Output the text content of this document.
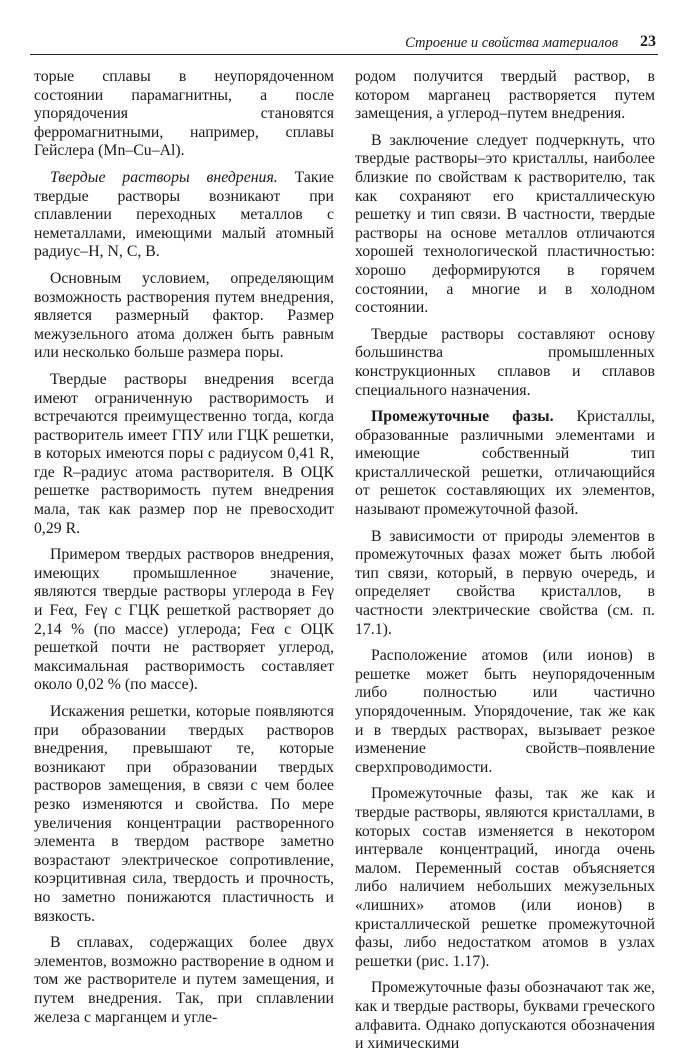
Строение и свойства материалов 23

торые сплавы в неупорядоченном состоянии парамагнитны, а после упорядочения становятся ферромагнитными, например, сплавы Гейслера (Mn–Cu–Al).

Твердые растворы внедрения. Такие твердые растворы возникают при сплавлении переходных металлов с неметаллами, имеющими малый атомный радиус–H, N, C, B.

Основным условием, определяющим возможность растворения путем внедрения, является размерный фактор. Размер межузельного атома должен быть равным или несколько больше размера поры.

Твердые растворы внедрения всегда имеют ограниченную растворимость и встречаются преимущественно тогда, когда растворитель имеет ГПУ или ГЦК решетки, в которых имеются поры с радиусом 0,41 R, где R–радиус атома растворителя. В ОЦК решетке растворимость путем внедрения мала, так как размер пор не превосходит 0,29 R.

Примером твердых растворов внедрения, имеющих промышленное значение, являются твердые растворы углерода в Feγ и Feα, Feγ с ГЦК решеткой растворяет до 2,14 % (по массе) углерода; Feα с ОЦК решеткой почти не растворяет углерод, максимальная растворимость составляет около 0,02 % (по массе).

Искажения решетки, которые появляются при образовании твердых растворов внедрения, превышают те, которые возникают при образовании твердых растворов замещения, в связи с чем более резко изменяются и свойства. По мере увеличения концентрации растворенного элемента в твердом растворе заметно возрастают электрическое сопротивление, коэрцитивная сила, твердость и прочность, но заметно понижаются пластичность и вязкость.

В сплавах, содержащих более двух элементов, возможно растворение в одном и том же растворителе и путем замещения, и путем внедрения. Так, при сплавлении железа с марганцем и угле-

родом получится твердый раствор, в котором марганец растворяется путем замещения, а углерод–путем внедрения.

В заключение следует подчеркнуть, что твердые растворы–это кристаллы, наиболее близкие по свойствам к растворителю, так как сохраняют его кристаллическую решетку и тип связи. В частности, твердые растворы на основе металлов отличаются хорошей технологической пластичностью: хорошо деформируются в горячем состоянии, а многие и в холодном состоянии.

Твердые растворы составляют основу большинства промышленных конструкционных сплавов и сплавов специального назначения.

Промежуточные фазы. Кристаллы, образованные различными элементами и имеющие собственный тип кристаллической решетки, отличающийся от решеток составляющих их элементов, называют промежуточной фазой.

В зависимости от природы элементов в промежуточных фазах может быть любой тип связи, который, в первую очередь, и определяет свойства кристаллов, в частности электрические свойства (см. п. 17.1).

Расположение атомов (или ионов) в решетке может быть неупорядоченным либо полностью или частично упорядоченным. Упорядочение, так же как и в твердых растворах, вызывает резкое изменение свойств–появление сверхпроводимости.

Промежуточные фазы, так же как и твердые растворы, являются кристаллами, в которых состав изменяется в некотором интервале концентраций, иногда очень малом. Переменный состав объясняется либо наличием небольших межузельных «лишних» атомов (или ионов) в кристаллической решетке промежуточной фазы, либо недостатком атомов в узлах решетки (рис. 1.17).

Промежуточные фазы обозначают так же, как и твердые растворы, буквами греческого алфавита. Однако допускаются обозначения и химическими
